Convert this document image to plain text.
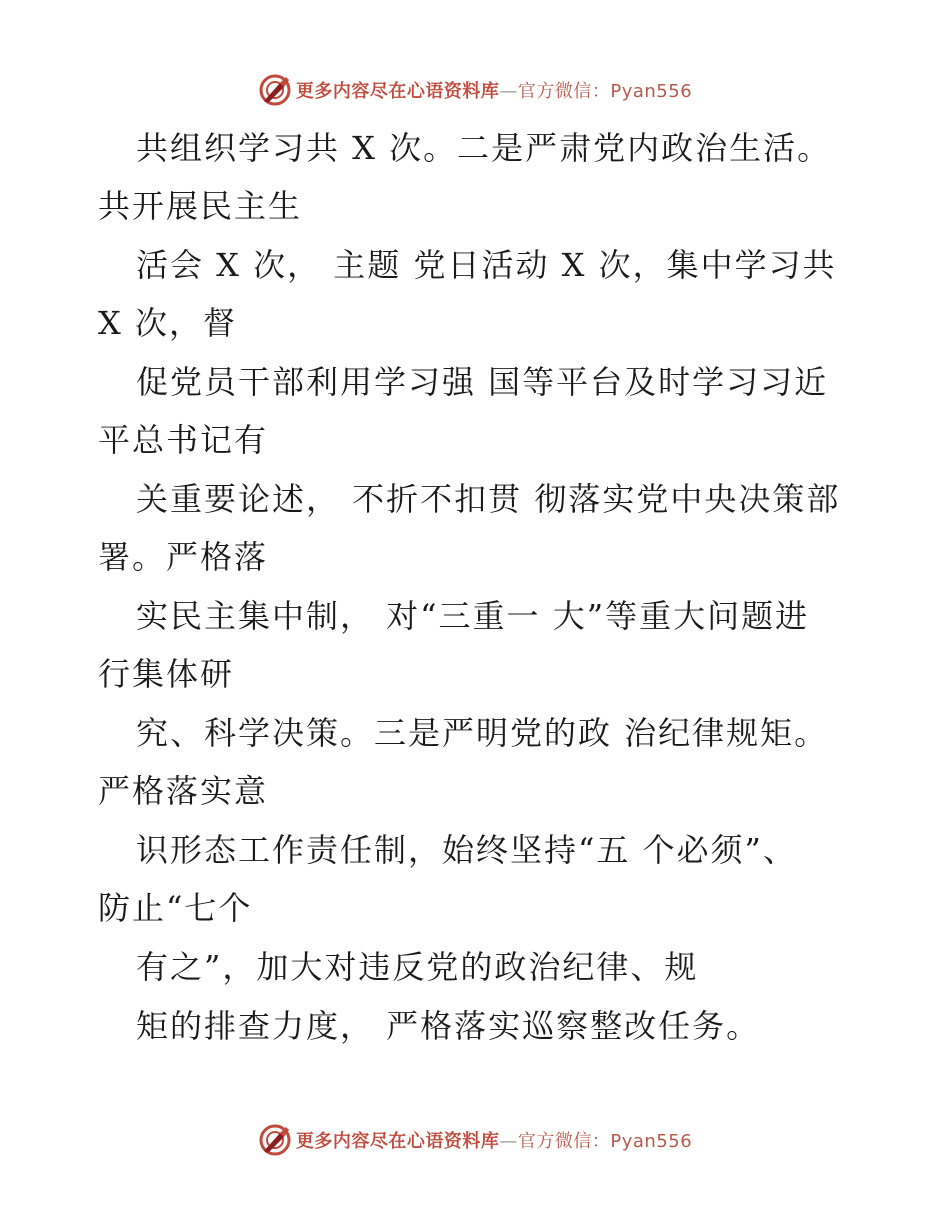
更多内容尽在心语资料库—官方微信：Pyan556
共组织学习共 X 次。二是严肃党内政治生活。
共开展民主生
活会 X 次， 主题 党日活动 X 次，集中学习共
X 次，督
促党员干部利用学习强 国等平台及时学习习近
平总书记有
关重要论述， 不折不扣贯 彻落实党中央决策部
署。严格落
实民主集中制， 对“三重一 大”等重大问题进
行集体研
究、科学决策。三是严明党的政 治纪律规矩。
严格落实意
识形态工作责任制，始终坚持“五 个必须”、
防止“七个
有之”，加大对违反党的政治纪律、规
矩的排查力度， 严格落实巡察整改任务。
更多内容尽在心语资料库—官方微信：Pyan556
